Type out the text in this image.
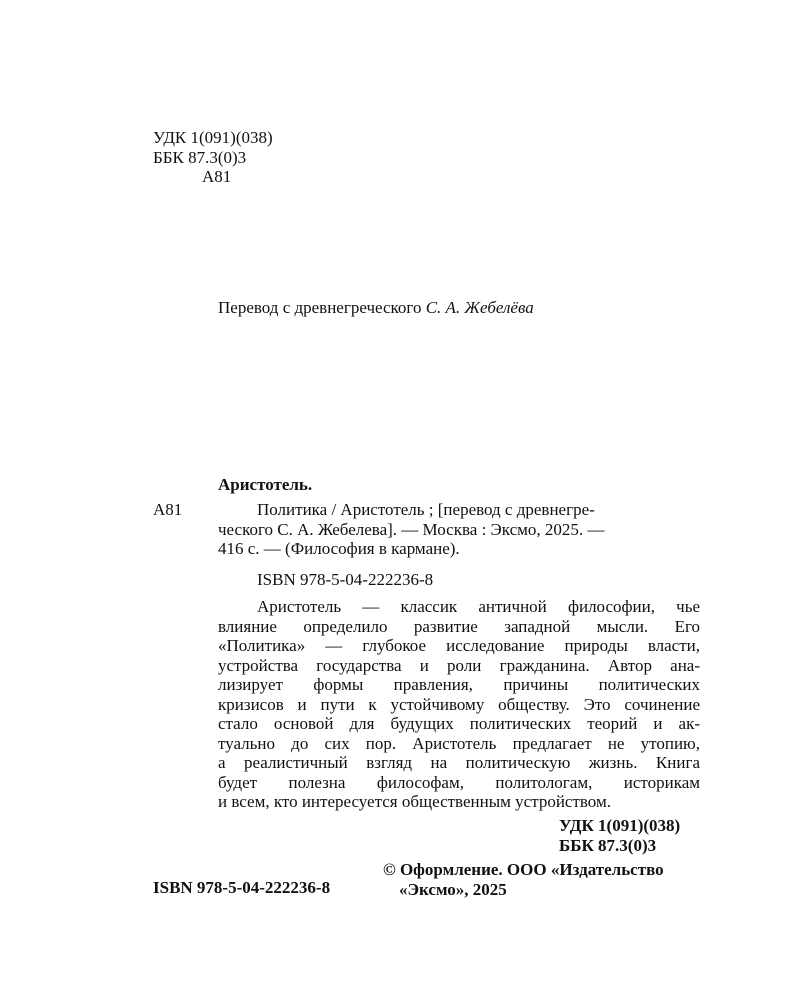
УДК 1(091)(038)
ББК 87.3(0)3
А81
Перевод с древнегреческого С. А. Жебелёва
Аристотель.
А81	Политика / Аристотель ; [перевод с древнегре-
ческого С. А. Жебелева]. — Москва : Эксмо, 2025. —
416 с. — (Философия в кармане).
ISBN 978-5-04-222236-8
Аристотель — классик античной философии, чье
влияние определило развитие западной мысли. Его
«Политика» — глубокое исследование природы власти,
устройства государства и роли гражданина. Автор ана-
лизирует формы правления, причины политических
кризисов и пути к устойчивому обществу. Это сочинение
стало основой для будущих политических теорий и ак-
туально до сих пор. Аристотель предлагает не утопию,
а реалистичный взгляд на политическую жизнь. Книга
будет полезна философам, политологам, историкам
и всем, кто интересуется общественным устройством.
УДК 1(091)(038)
ББК 87.3(0)3
ISBN 978-5-04-222236-8
© Оформление. ООО «Издательство
«Эксмо», 2025
